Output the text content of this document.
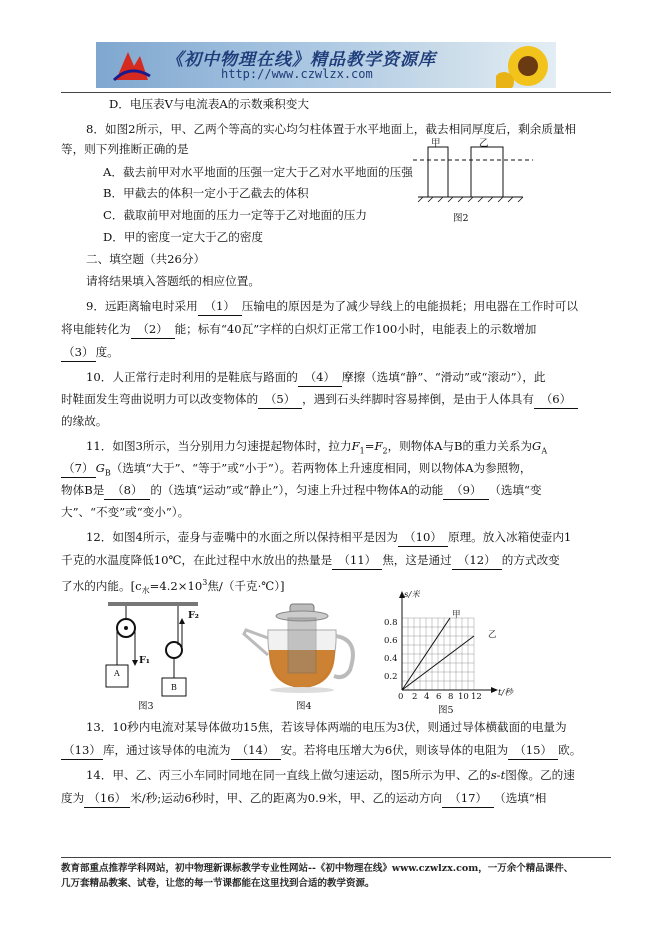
《初中物理在线》精品教学资源库
http://www.czwlzx.com
D．电压表V与电流表A的示数乘积变大
8．如图2所示，甲、乙两个等高的实心均匀柱体置于水平地面上，截去相同厚度后，剩余质量相
等，则下列推断正确的是
A．截去前甲对水平地面的压强一定大于乙对水平地面的压强
B．甲截去的体积一定小于乙截去的体积
C．截取前甲对地面的压力一定等于乙对地面的压力
D．甲的密度一定大于乙的密度
二、填空题（共26分）
请将结果填入答题纸的相应位置。
9．远距离输电时采用 （1） 压输电的原因是为了减少导线上的电能损耗；用电器在工作时可以
将电能转化为 （2） 能；标有“40瓦”字样的白炽灯正常工作100小时，电能表上的示数增加
（3） 度。
10．人正常行走时利用的是鞋底与路面的 （4） 摩擦（选填“静”、“滑动”或“滚动”），此
时鞋面发生弯曲说明力可以改变物体的 （5） ，遇到石头绊脚时容易摔倒，是由于人体具有 （6）
的缘故。
11．如图3所示，当分别用力匀速提起物体时，拉力$F_1=F_2$，则物体A与B的重力关系为$G_A$
（7） $G_B$（选填“大于”、“等于”或“小于”）。若两物体上升速度相同，则以物体A为参照物，
物体B是 （8） 的（选填“运动”或“静止”），匀速上升过程中物体A的动能 （9） （选填“变
大”、“不变”或“变小”）。
12．如图4所示，壶身与壶嘴中的水面之所以保持相平是因为 （10） 原理。放入冰箱使壶内1
千克的水温度降低10℃，在此过程中水放出的热量是 （11） 焦，这是通过 （12） 的方式改变
了水的内能。[$c_水=4.2\times 10^3$焦/（千克·℃）]
13．10秒内电流对某导体做功15焦，若该导体两端的电压为3伏，则通过导体横截面的电量为
（13） 库，通过该导体的电流为 （14） 安。若将电压增大为6伏，则该导体的电阻为 （15） 欧。
14．甲、乙、丙三小车同时同地在同一直线上做匀速运动，图5所示为甲、乙的s-t图像。乙的速
度为 （16） 米/秒;运动6秒时，甲、乙的距离为0.9米，甲、乙的运动方向 （17） （选填“相
甲	乙
图2
A
B
F₁
F₂
图3	图4
s/米
t/秒
0.8
0.6
0.4
0.2
0 2 4 6 8 10 12
甲
乙
图5
教育部重点推荐学科网站，初中物理新课标教学专业性网站--《初中物理在线》www.czwlzx.com，一万余个精品课件、
几万套精品教案、试卷，让您的每一节课都能在这里找到合适的教学资源。
